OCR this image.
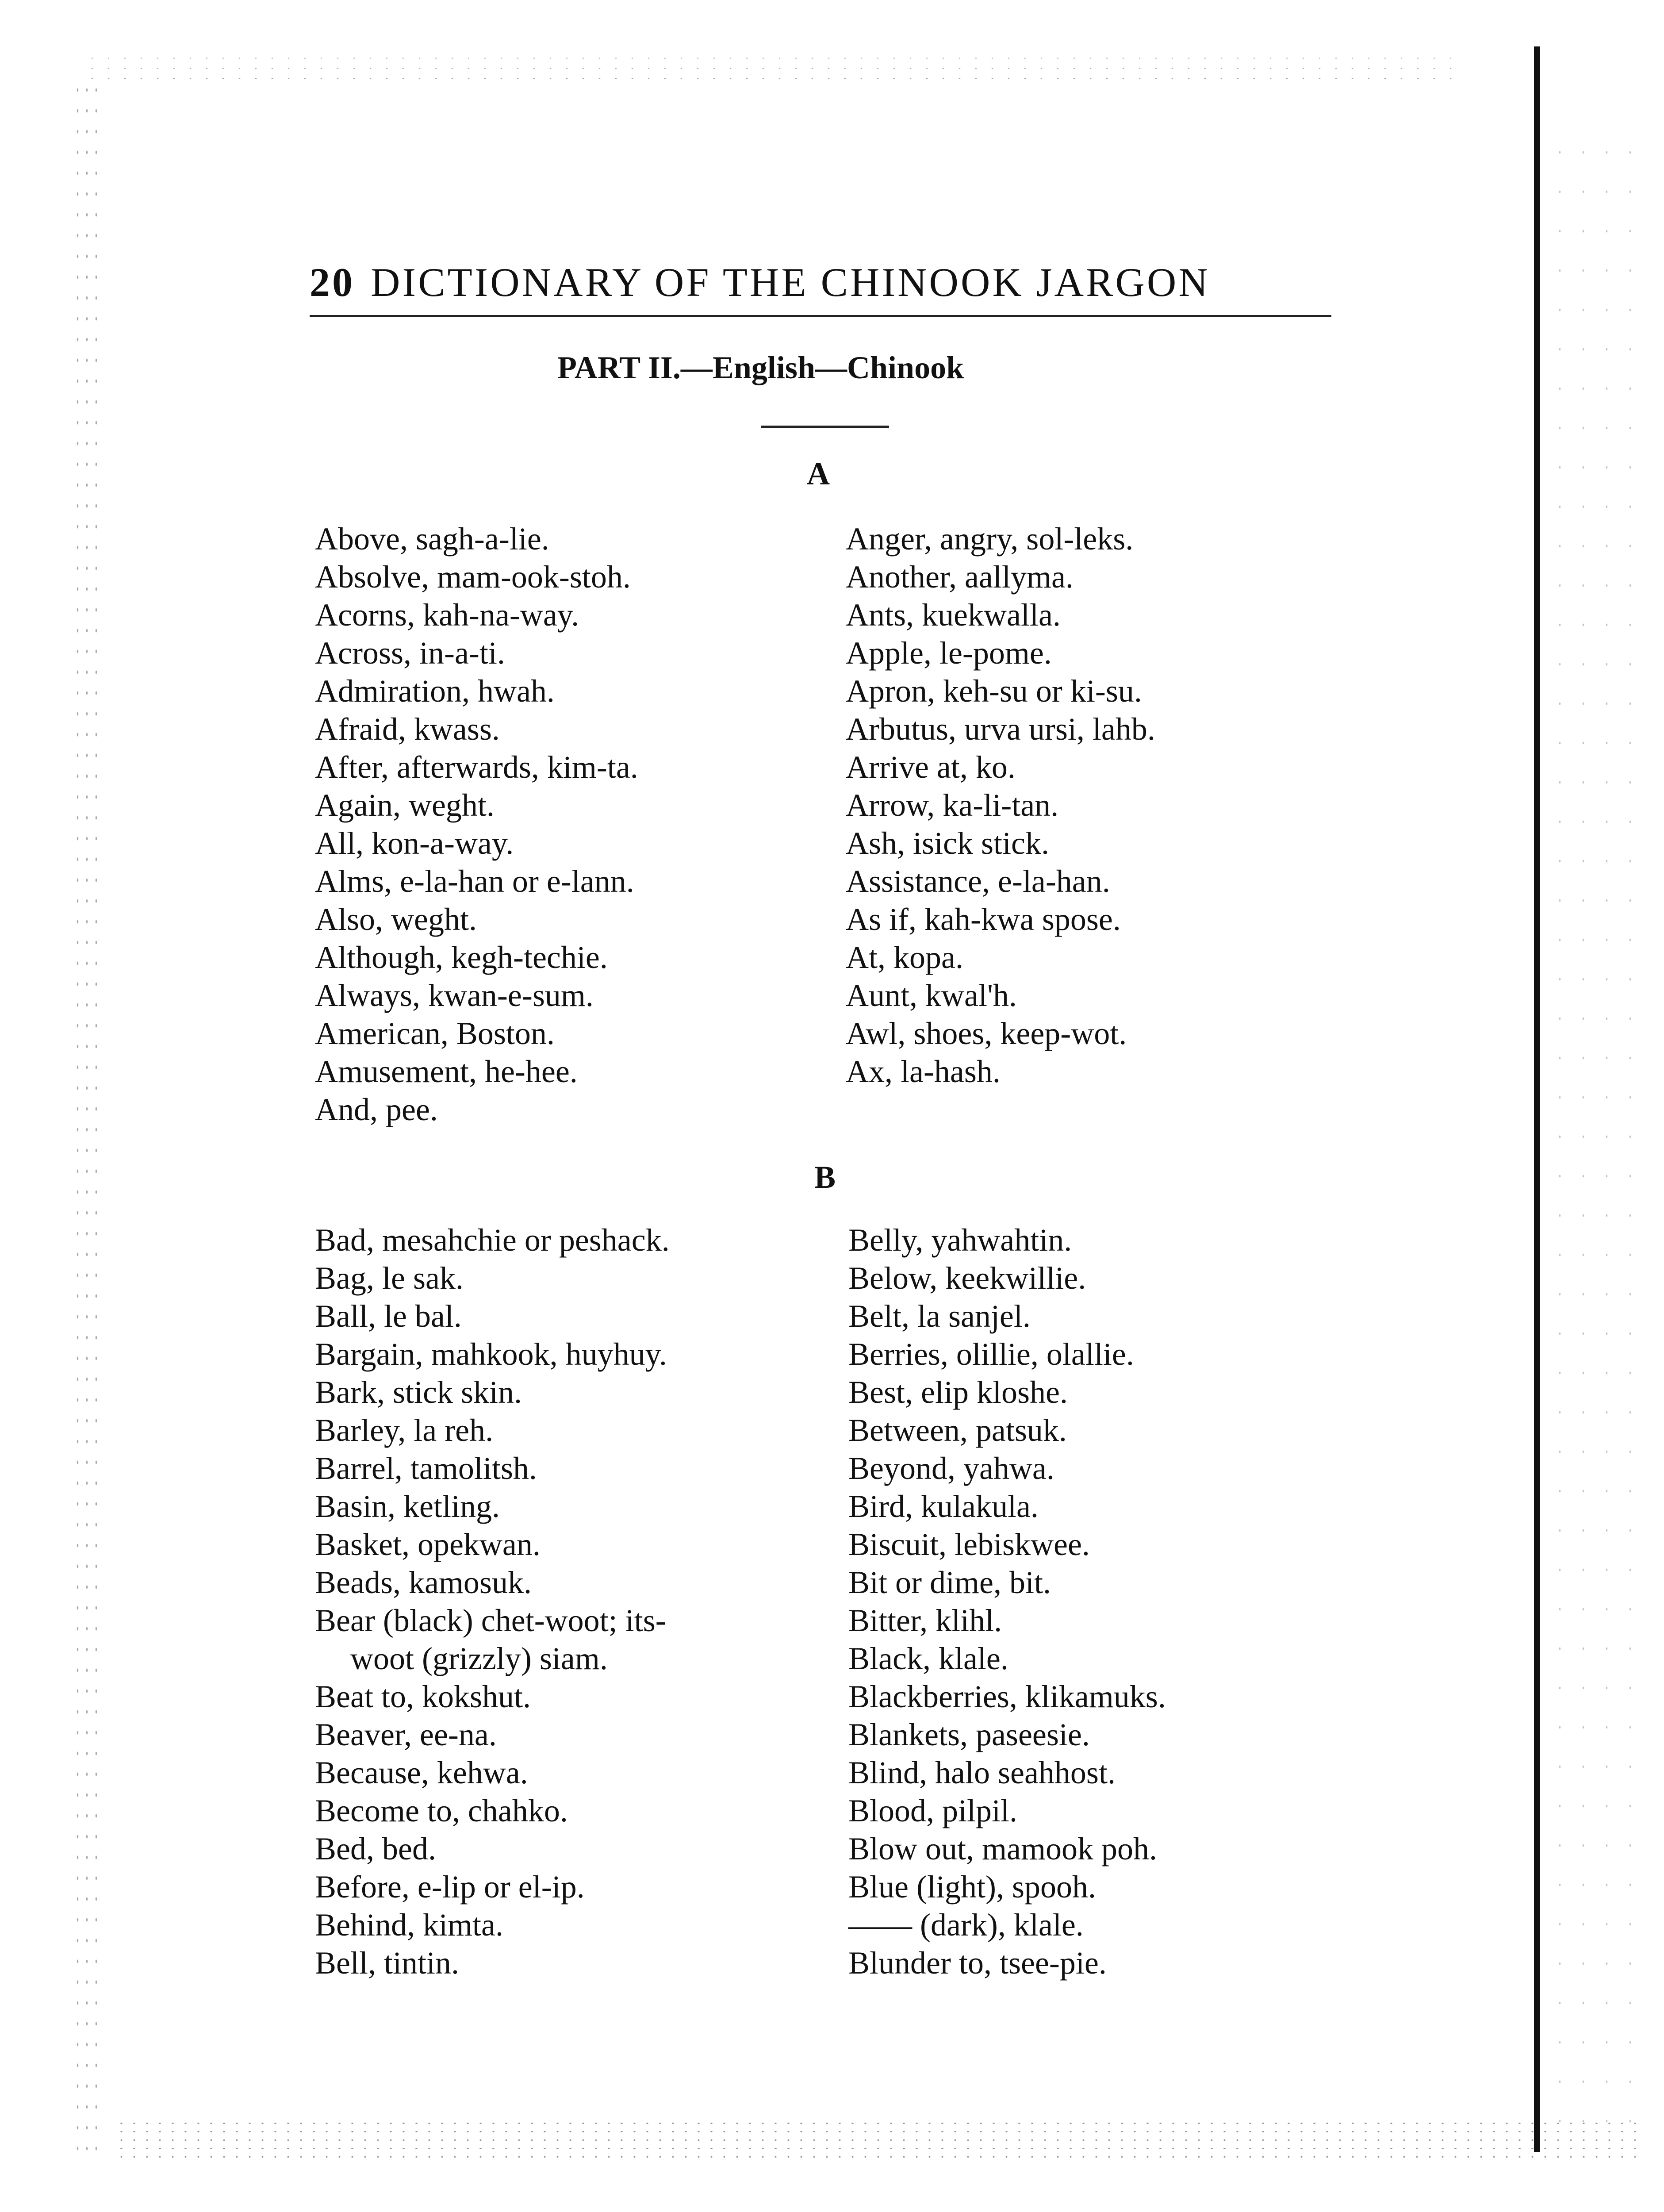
20 DICTIONARY OF THE CHINOOK JARGON
PART II.—English—Chinook
A
Above, sagh-a-lie.
Absolve, mam-ook-stoh.
Acorns, kah-na-way.
Across, in-a-ti.
Admiration, hwah.
Afraid, kwass.
After, afterwards, kim-ta.
Again, weght.
All, kon-a-way.
Alms, e-la-han or e-lann.
Also, weght.
Although, kegh-techie.
Always, kwan-e-sum.
American, Boston.
Amusement, he-hee.
And, pee.
Anger, angry, sol-leks.
Another, aallyma.
Ants, kuekwalla.
Apple, le-pome.
Apron, keh-su or ki-su.
Arbutus, urva ursi, lahb.
Arrive at, ko.
Arrow, ka-li-tan.
Ash, isick stick.
Assistance, e-la-han.
As if, kah-kwa spose.
At, kopa.
Aunt, kwal'h.
Awl, shoes, keep-wot.
Ax, la-hash.
B
Bad, mesahchie or peshack.
Bag, le sak.
Ball, le bal.
Bargain, mahkook, huyhuy.
Bark, stick skin.
Barley, la reh.
Barrel, tamolitsh.
Basin, ketling.
Basket, opekwan.
Beads, kamosuk.
Bear (black) chet-woot; its-
woot (grizzly) siam.
Beat to, kokshut.
Beaver, ee-na.
Because, kehwa.
Become to, chahko.
Bed, bed.
Before, e-lip or el-ip.
Behind, kimta.
Bell, tintin.
Belly, yahwahtin.
Below, keekwillie.
Belt, la sanjel.
Berries, olillie, olallie.
Best, elip kloshe.
Between, patsuk.
Beyond, yahwa.
Bird, kulakula.
Biscuit, lebiskwee.
Bit or dime, bit.
Bitter, klihl.
Black, klale.
Blackberries, klikamuks.
Blankets, paseesie.
Blind, halo seahhost.
Blood, pilpil.
Blow out, mamook poh.
Blue (light), spooh.
—— (dark), klale.
Blunder to, tsee-pie.
